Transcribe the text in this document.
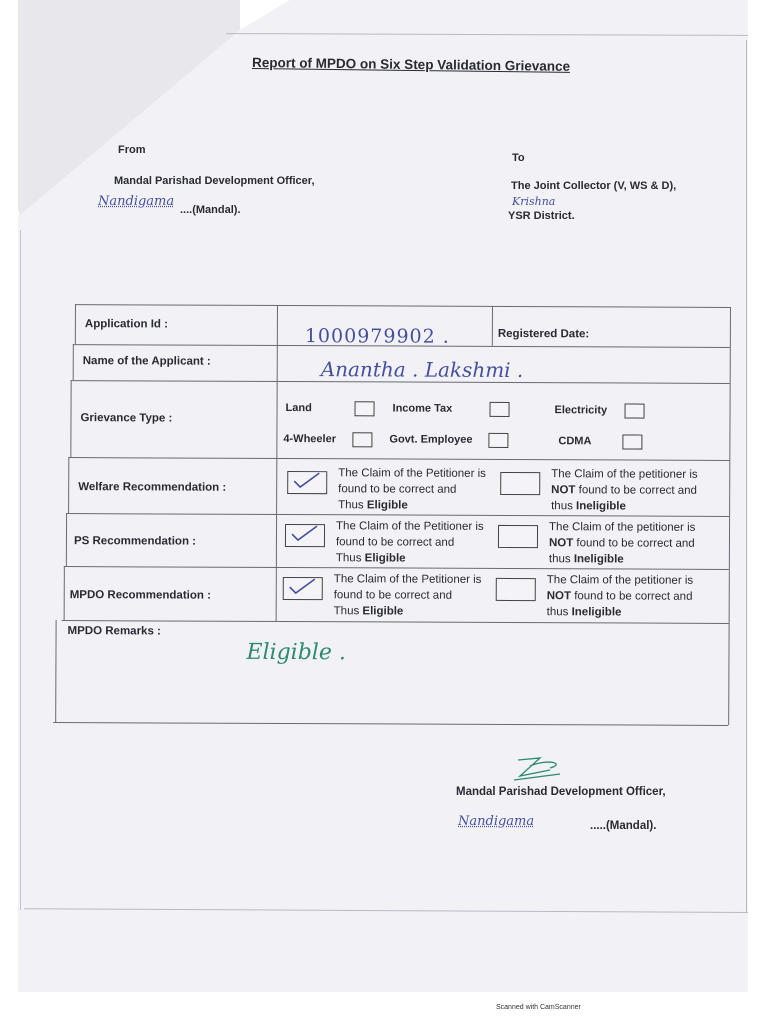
Report of MPDO on Six Step Validation Grievance
From
Mandal Parishad Development Officer,
Nandigama
....(Mandal).
To
The Joint Collector (V, WS & D),
Krishna
YSR District.
Application Id :
1000979902 .	Registered Date:
Name of the Applicant :	Anantha . Lakshmi .
Grievance Type :
Land	Income Tax	Electricity
4-Wheeler	Govt. Employee	CDMA
Welfare Recommendation :
The Claim of the Petitioner is found to be correct and
Thus Eligible
The Claim of the petitioner is NOT found to be correct and thus Ineligible
PS Recommendation :
The Claim of the Petitioner is found to be correct and
Thus Eligible
The Claim of the petitioner is NOT found to be correct and thus Ineligible
MPDO Recommendation :
The Claim of the Petitioner is found to be correct and
Thus Eligible
The Claim of the petitioner is NOT found to be correct and thus Ineligible
MPDO Remarks :
Eligible .
Mandal Parishad Development Officer,
Nandigama	.....(Mandal).
Scanned with CamScanner
